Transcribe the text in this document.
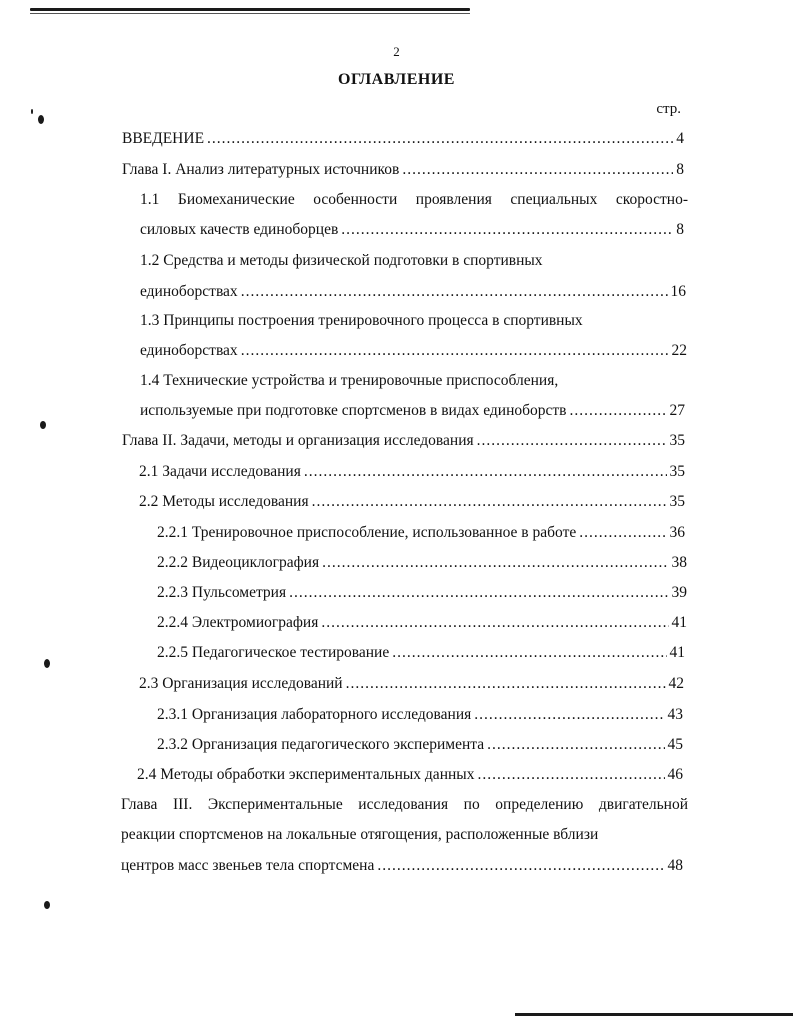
2
ОГЛАВЛЕНИЕ
стр.
ВВЕДЕНИЕ .....	4
Глава I. Анализ литературных источников .....	8
1.1 Биомеханические особенности проявления специальных скоростно-
силовых качеств единоборцев .....	8
1.2 Средства и методы физической подготовки в спортивных
единоборствах .....	16
1.3 Принципы построения тренировочного процесса в спортивных
единоборствах .....	22
1.4 Технические устройства и тренировочные приспособления,
используемые при подготовке спортсменов в видах единоборств .....	27
Глава II. Задачи, методы и организация исследования .....	35
2.1 Задачи исследования .....	35
2.2 Методы исследования .....	35
2.2.1 Тренировочное приспособление, использованное в работе .....	36
2.2.2 Видеоциклография .....	38
2.2.3 Пульсометрия .....	39
2.2.4 Электромиография .....	41
2.2.5 Педагогическое тестирование .....	41
2.3 Организация исследований .....	42
2.3.1 Организация лабораторного исследования .....	43
2.3.2 Организация педагогического эксперимента .....	45
2.4 Методы обработки экспериментальных данных .....	46
Глава III. Экспериментальные исследования по определению двигательной
реакции спортсменов на локальные отягощения, расположенные вблизи
центров масс звеньев тела спортсмена .....	48
